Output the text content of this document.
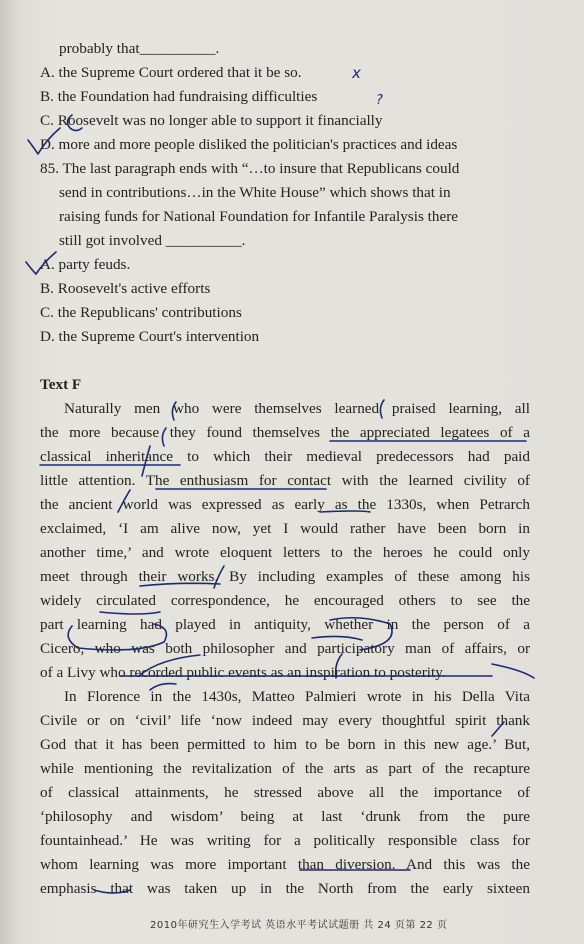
probably that__________.
A. the Supreme Court ordered that it be so.
B. the Foundation had fundraising difficulties
C. Roosevelt was no longer able to support it financially
D. more and more people disliked the politician's practices and ideas
85. The last paragraph ends with “…to insure that Republicans could
send in contributions…in the White House” which shows that in
raising funds for National Foundation for Infantile Paralysis there
still got involved __________.
A. party feuds.
B. Roosevelt's active efforts
C. the Republicans' contributions
D. the Supreme Court's intervention
Text F
Naturally men who were themselves learned praised learning, all
the more because they found themselves the appreciated legatees of a
classical inheritance to which their medieval predecessors had paid
little attention. The enthusiasm for contact with the learned civility of
the ancient world was expressed as early as the 1330s, when Petrarch
exclaimed, ‘I am alive now, yet I would rather have been born in
another time,’ and wrote eloquent letters to the heroes he could only
meet through their works. By including examples of these among his
widely circulated correspondence, he encouraged others to see the
part learning had played in antiquity, whether in the person of a
Cicero, who was both philosopher and participatory man of affairs, or
of a Livy who recorded public events as an inspiration to posterity.
In Florence in the 1430s, Matteo Palmieri wrote in his Della Vita
Civile or on ‘civil’ life ‘now indeed may every thoughtful spirit thank
God that it has been permitted to him to be born in this new age.’ But,
while mentioning the revitalization of the arts as part of the recapture
of classical attainments, he stressed above all the importance of
‘philosophy and wisdom’ being at last ‘drunk from the pure
fountainhead.’ He was writing for a politically responsible class for
whom learning was more important than diversion. And this was the
emphasis that was taken up in the North from the early sixteen
2010年研究生入学考试 英语水平考试试题册 共 24 页第 22 页
x
?
